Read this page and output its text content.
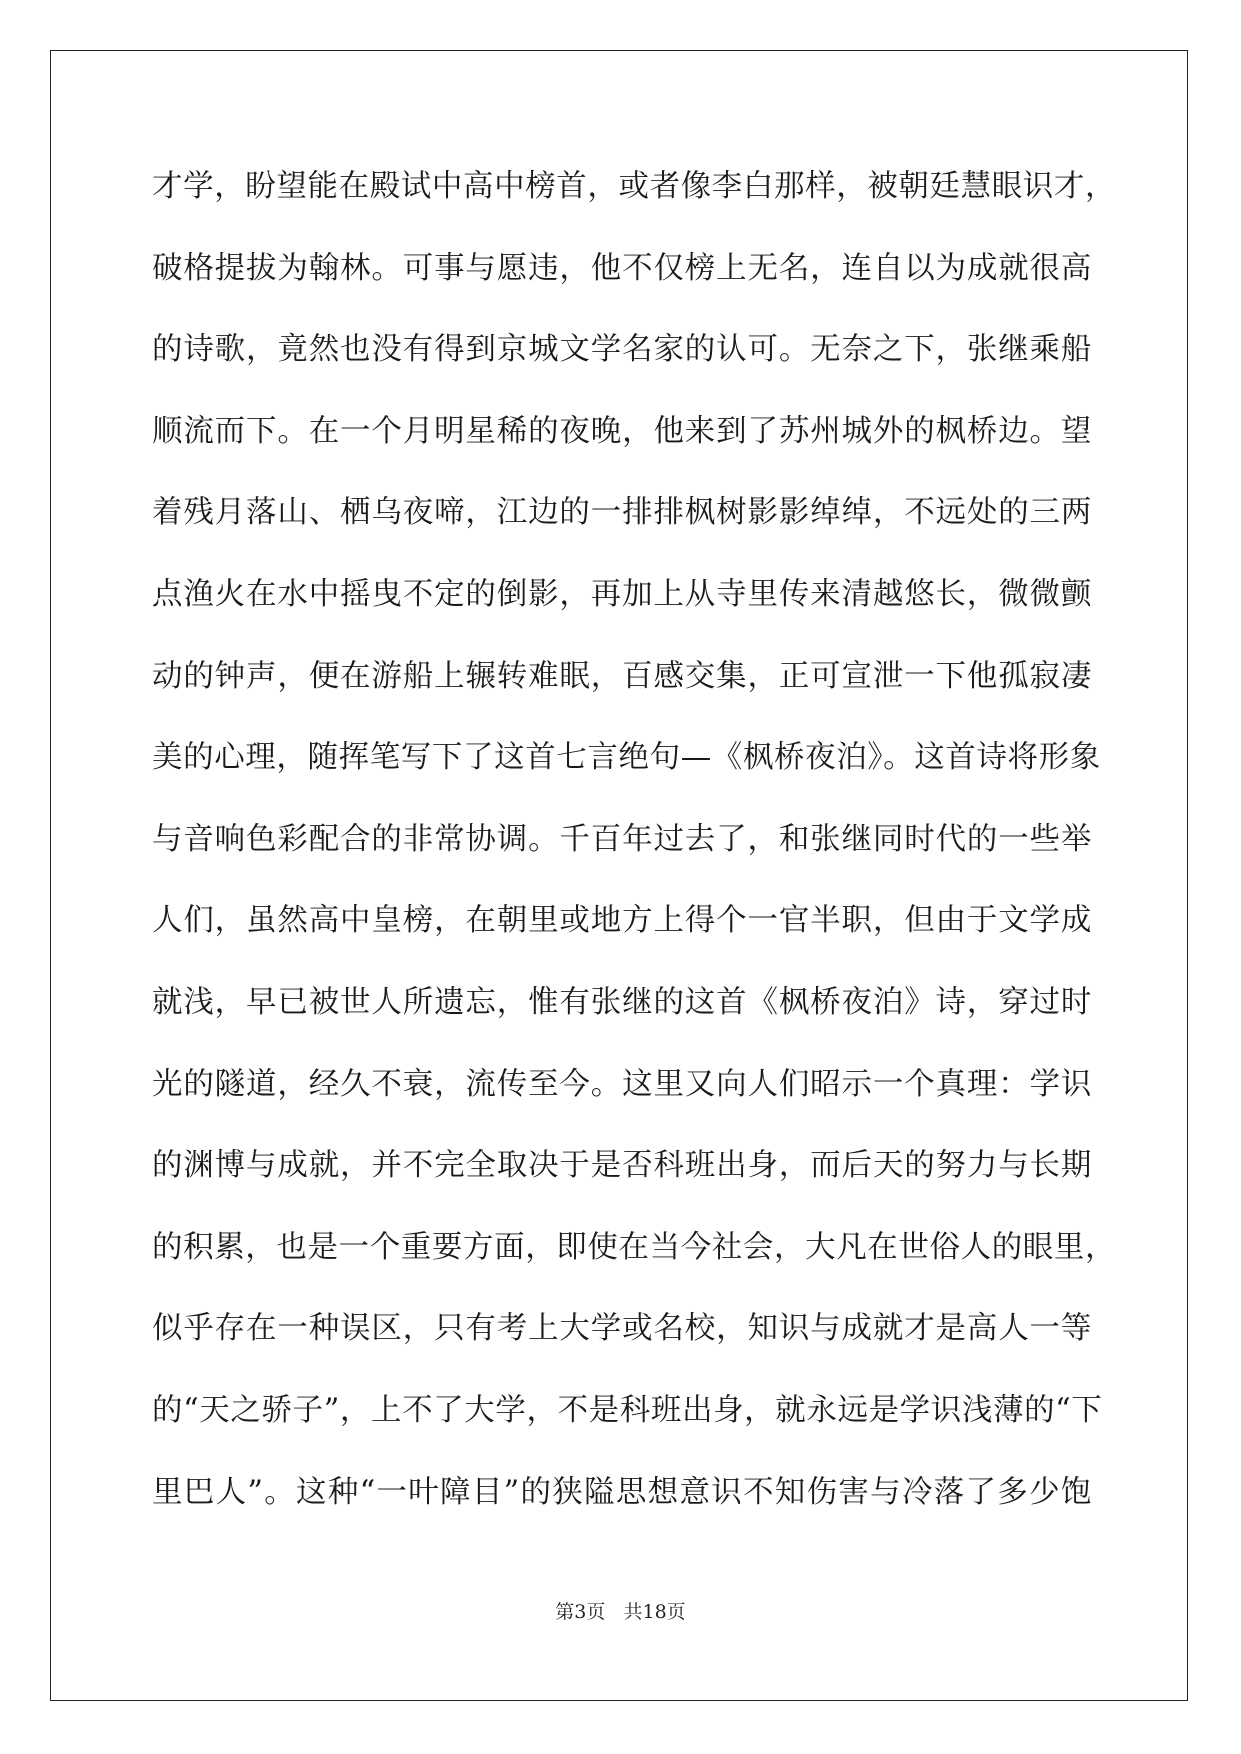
才学，盼望能在殿试中高中榜首，或者像李白那样，被朝廷慧眼识才，
破格提拔为翰林。可事与愿违，他不仅榜上无名，连自以为成就很高
的诗歌，竟然也没有得到京城文学名家的认可。无奈之下，张继乘船
顺流而下。在一个月明星稀的夜晚，他来到了苏州城外的枫桥边。望
着残月落山、栖乌夜啼，江边的一排排枫树影影绰绰，不远处的三两
点渔火在水中摇曳不定的倒影，再加上从寺里传来清越悠长，微微颤
动的钟声，便在游船上辗转难眠，百感交集，正可宣泄一下他孤寂凄
美的心理，随挥笔写下了这首七言绝句—《枫桥夜泊》。这首诗将形象
与音响色彩配合的非常协调。千百年过去了，和张继同时代的一些举
人们，虽然高中皇榜，在朝里或地方上得个一官半职，但由于文学成
就浅，早已被世人所遗忘，惟有张继的这首《枫桥夜泊》诗，穿过时
光的隧道，经久不衰，流传至今。这里又向人们昭示一个真理：学识
的渊博与成就，并不完全取决于是否科班出身，而后天的努力与长期
的积累，也是一个重要方面，即使在当今社会，大凡在世俗人的眼里，
似乎存在一种误区，只有考上大学或名校，知识与成就才是高人一等
的“天之骄子”，上不了大学，不是科班出身，就永远是学识浅薄的“下
里巴人”。这种“一叶障目”的狭隘思想意识不知伤害与冷落了多少饱
第3页   共18页
